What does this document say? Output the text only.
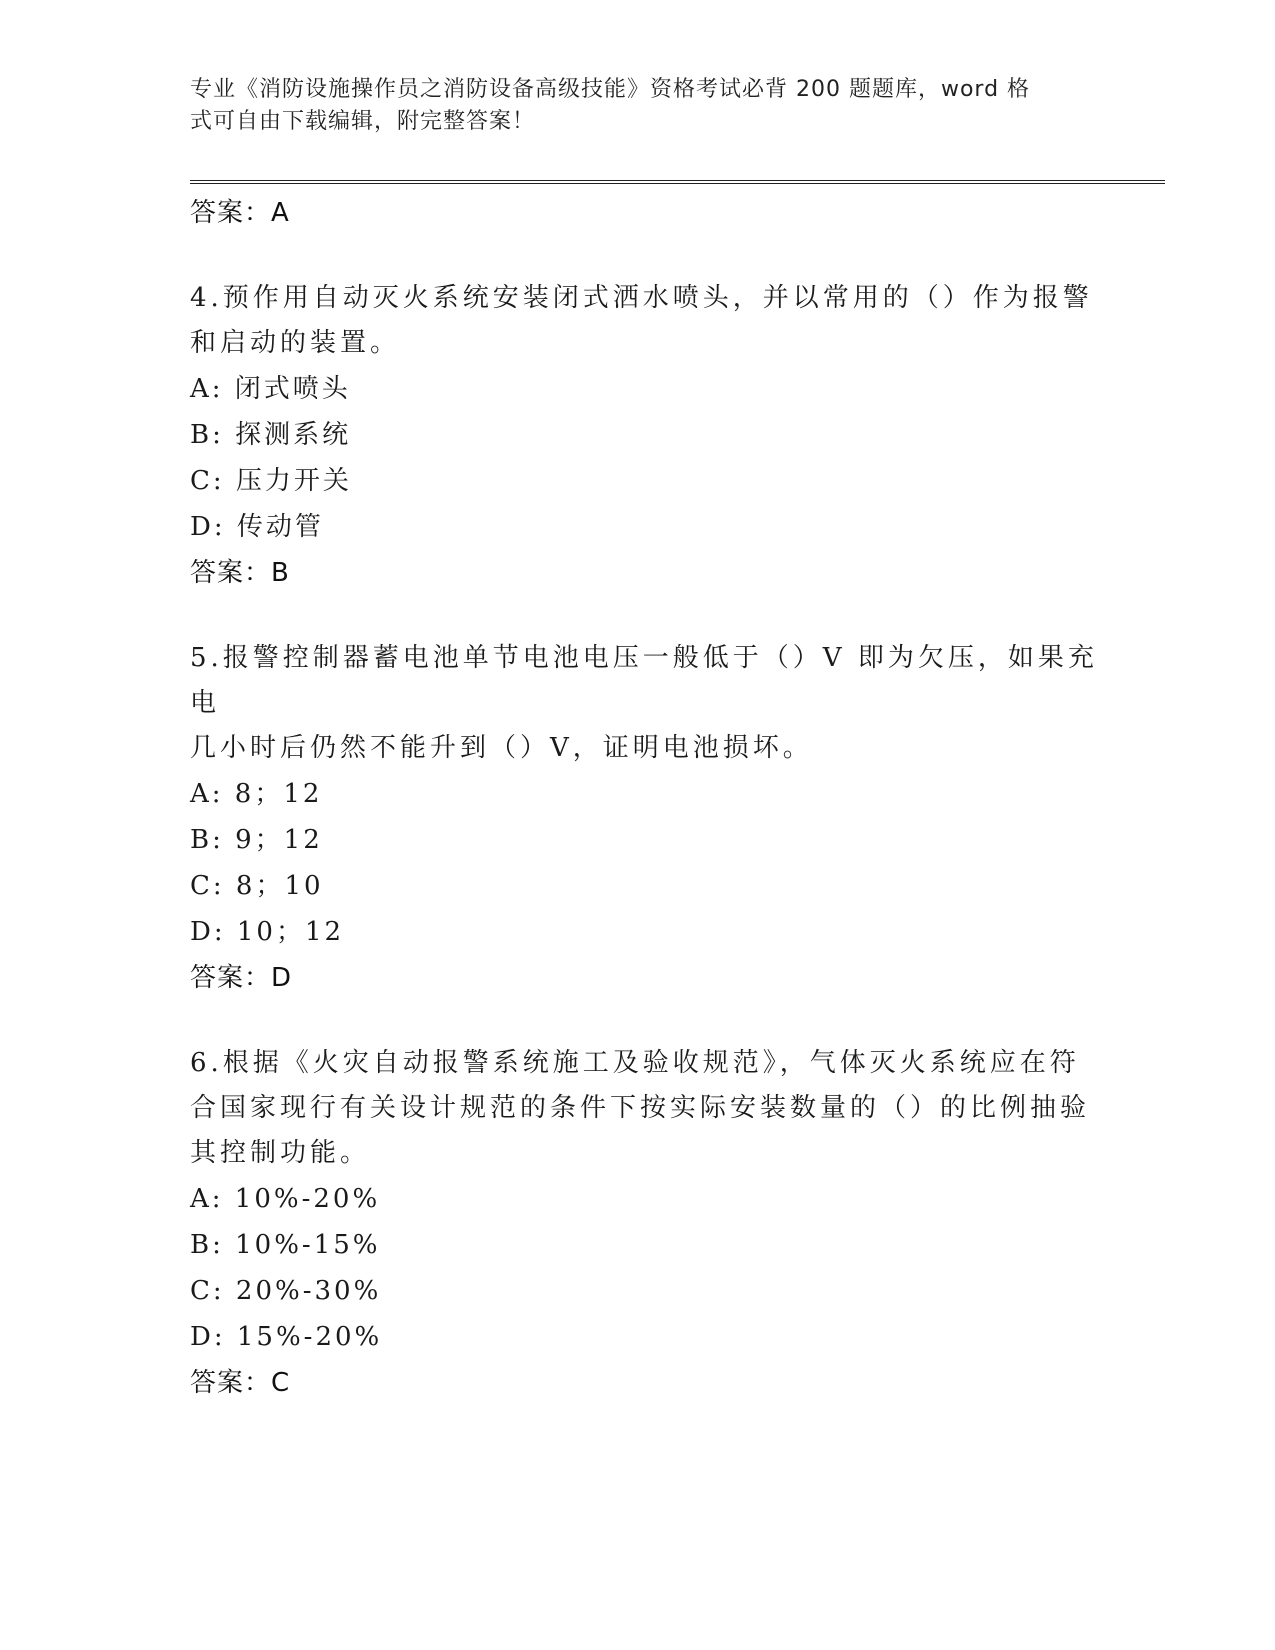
专业《消防设施操作员之消防设备高级技能》资格考试必背 200 题题库，word 格
式可自由下载编辑，附完整答案！
答案：A
4.预作用自动灭火系统安装闭式洒水喷头，并以常用的（）作为报警
和启动的装置。
A: 闭式喷头
B: 探测系统
C: 压力开关
D: 传动管
答案：B
5.报警控制器蓄电池单节电池电压一般低于（）V 即为欠压，如果充电
几小时后仍然不能升到（）V，证明电池损坏。
A: 8；12
B: 9；12
C: 8；10
D: 10；12
答案：D
6.根据《火灾自动报警系统施工及验收规范》，气体灭火系统应在符
合国家现行有关设计规范的条件下按实际安装数量的（）的比例抽验
其控制功能。
A: 10%-20%
B: 10%-15%
C: 20%-30%
D: 15%-20%
答案：C
